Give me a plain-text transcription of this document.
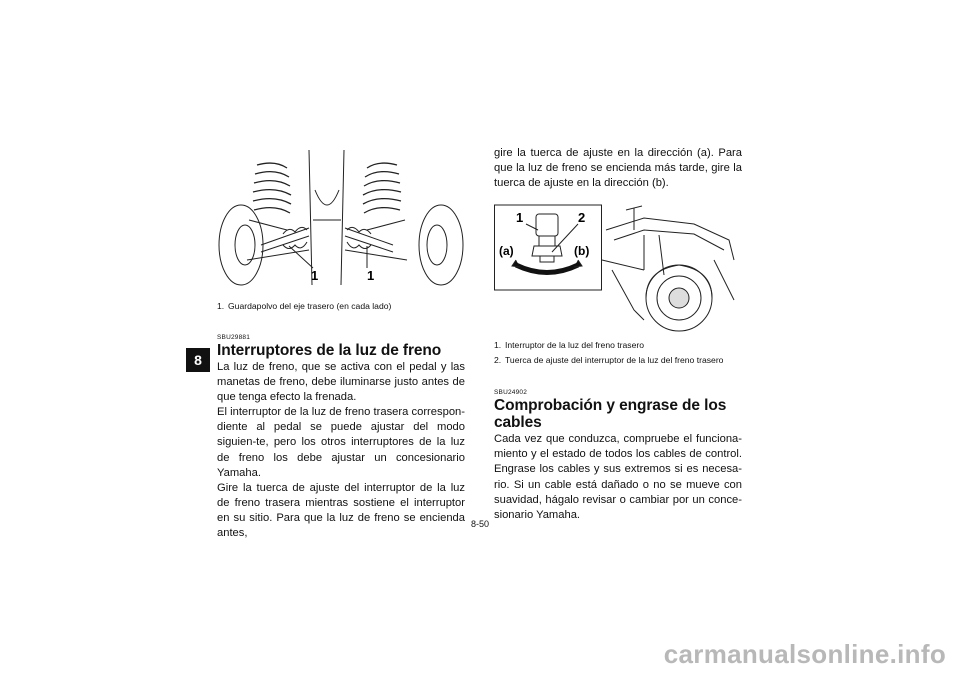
8
1	1

1. Guardapolvo del eje trasero (en cada lado)

SBU29881

Interruptores de la luz de freno

La luz de freno, que se activa con el pedal y las manetas de freno, debe iluminarse justo antes de que tenga efecto la frenada.

El interruptor de la luz de freno trasera correspon-diente al pedal se puede ajustar del modo siguien-te, pero los otros interruptores de la luz de freno los debe ajustar un concesionario Yamaha.

Gire la tuerca de ajuste del interruptor de la luz de freno trasera mientras sostiene el interruptor en su sitio. Para que la luz de freno se encienda antes,

gire la tuerca de ajuste en la dirección (a). Para que la luz de freno se encienda más tarde, gire la tuerca de ajuste en la dirección (b).

1	2
(a)	(b)

1. Interruptor de la luz del freno trasero

2. Tuerca de ajuste del interruptor de la luz del freno trasero

SBU24902

Comprobación y engrase de los cables

Cada vez que conduzca, compruebe el funciona-miento y el estado de todos los cables de control. Engrase los cables y sus extremos si es necesa-rio. Si un cable está dañado o no se mueve con suavidad, hágalo revisar o cambiar por un conce-sionario Yamaha.

8-50
carmanualsonline.info
